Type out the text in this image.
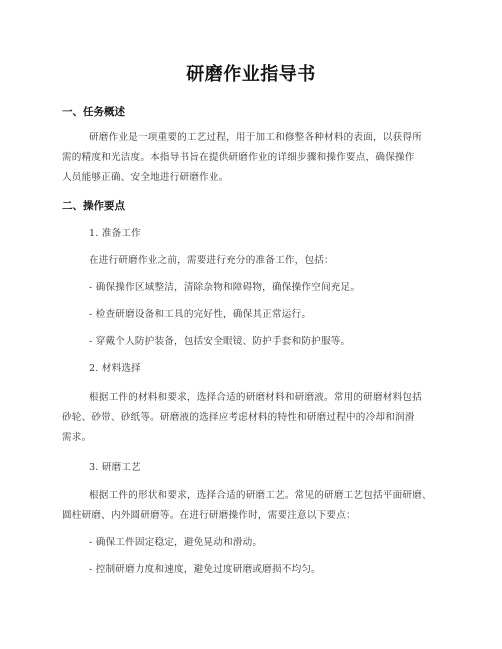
研磨作业指导书
一、任务概述
研磨作业是一项重要的工艺过程，用于加工和修整各种材料的表面，以获得所
需的精度和光洁度。本指导书旨在提供研磨作业的详细步骤和操作要点，确保操作
人员能够正确、安全地进行研磨作业。
二、操作要点
1. 准备工作
在进行研磨作业之前，需要进行充分的准备工作，包括：
- 确保操作区域整洁，清除杂物和障碍物，确保操作空间充足。
- 检查研磨设备和工具的完好性，确保其正常运行。
- 穿戴个人防护装备，包括安全眼镜、防护手套和防护服等。
2. 材料选择
根据工件的材料和要求，选择合适的研磨材料和研磨液。常用的研磨材料包括
砂轮、砂带、砂纸等。研磨液的选择应考虑材料的特性和研磨过程中的冷却和润滑
需求。
3. 研磨工艺
根据工件的形状和要求，选择合适的研磨工艺。常见的研磨工艺包括平面研磨、
圆柱研磨、内外圆研磨等。在进行研磨操作时，需要注意以下要点：
- 确保工件固定稳定，避免晃动和滑动。
- 控制研磨力度和速度，避免过度研磨或磨损不均匀。
